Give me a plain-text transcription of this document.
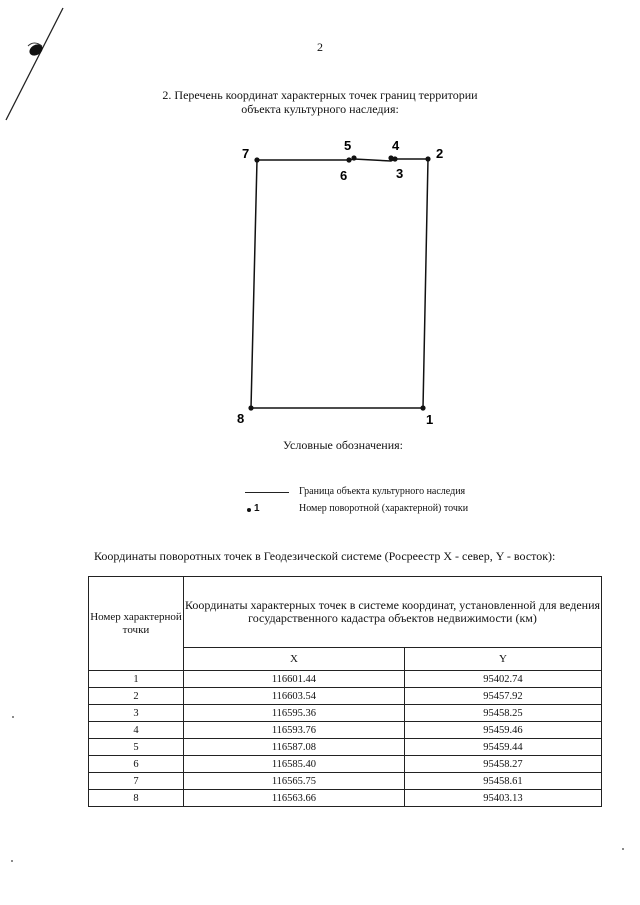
2
2. Перечень координат характерных точек границ территории
объекта культурного наследия:
1
2
3
4
5
6
7
8
Условные обозначения:
Граница объекта культурного наследия
1	Номер поворотной (характерной) точки
Координаты поворотных точек в Геодезической системе (Росреестр X - север, Y - восток):
Номер характерной точки	Координаты характерных точек в системе координат, установленной для ведения государственного кадастра объектов недвижимости (км)	
	X	Y
1	116601.44	95402.74
2	116603.54	95457.92
3	116595.36	95458.25
4	116593.76	95459.46
5	116587.08	95459.44
6	116585.40	95458.27
7	116565.75	95458.61
8	116563.66	95403.13
